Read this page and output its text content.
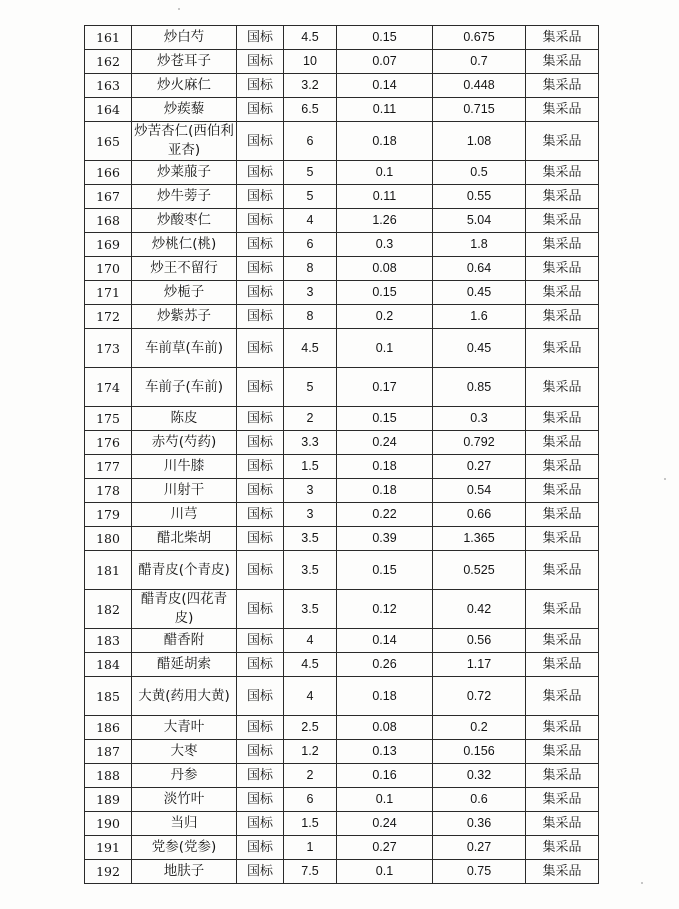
161	炒白芍	国标	4.5	0.15	0.675	集采品
162	炒苍耳子	国标	10	0.07	0.7	集采品
163	炒火麻仁	国标	3.2	0.14	0.448	集采品
164	炒蒺藜	国标	6.5	0.11	0.715	集采品
165	炒苦杏仁(西伯利亚杏)	国标	6	0.18	1.08	集采品
166	炒莱菔子	国标	5	0.1	0.5	集采品
167	炒牛蒡子	国标	5	0.11	0.55	集采品
168	炒酸枣仁	国标	4	1.26	5.04	集采品
169	炒桃仁(桃)	国标	6	0.3	1.8	集采品
170	炒王不留行	国标	8	0.08	0.64	集采品
171	炒栀子	国标	3	0.15	0.45	集采品
172	炒紫苏子	国标	8	0.2	1.6	集采品
173	车前草(车前)	国标	4.5	0.1	0.45	集采品
174	车前子(车前)	国标	5	0.17	0.85	集采品
175	陈皮	国标	2	0.15	0.3	集采品
176	赤芍(芍药)	国标	3.3	0.24	0.792	集采品
177	川牛膝	国标	1.5	0.18	0.27	集采品
178	川射干	国标	3	0.18	0.54	集采品
179	川芎	国标	3	0.22	0.66	集采品
180	醋北柴胡	国标	3.5	0.39	1.365	集采品
181	醋青皮(个青皮)	国标	3.5	0.15	0.525	集采品
182	醋青皮(四花青皮)	国标	3.5	0.12	0.42	集采品
183	醋香附	国标	4	0.14	0.56	集采品
184	醋延胡索	国标	4.5	0.26	1.17	集采品
185	大黄(药用大黄)	国标	4	0.18	0.72	集采品
186	大青叶	国标	2.5	0.08	0.2	集采品
187	大枣	国标	1.2	0.13	0.156	集采品
188	丹参	国标	2	0.16	0.32	集采品
189	淡竹叶	国标	6	0.1	0.6	集采品
190	当归	国标	1.5	0.24	0.36	集采品
191	党参(党参)	国标	1	0.27	0.27	集采品
192	地肤子	国标	7.5	0.1	0.75	集采品
